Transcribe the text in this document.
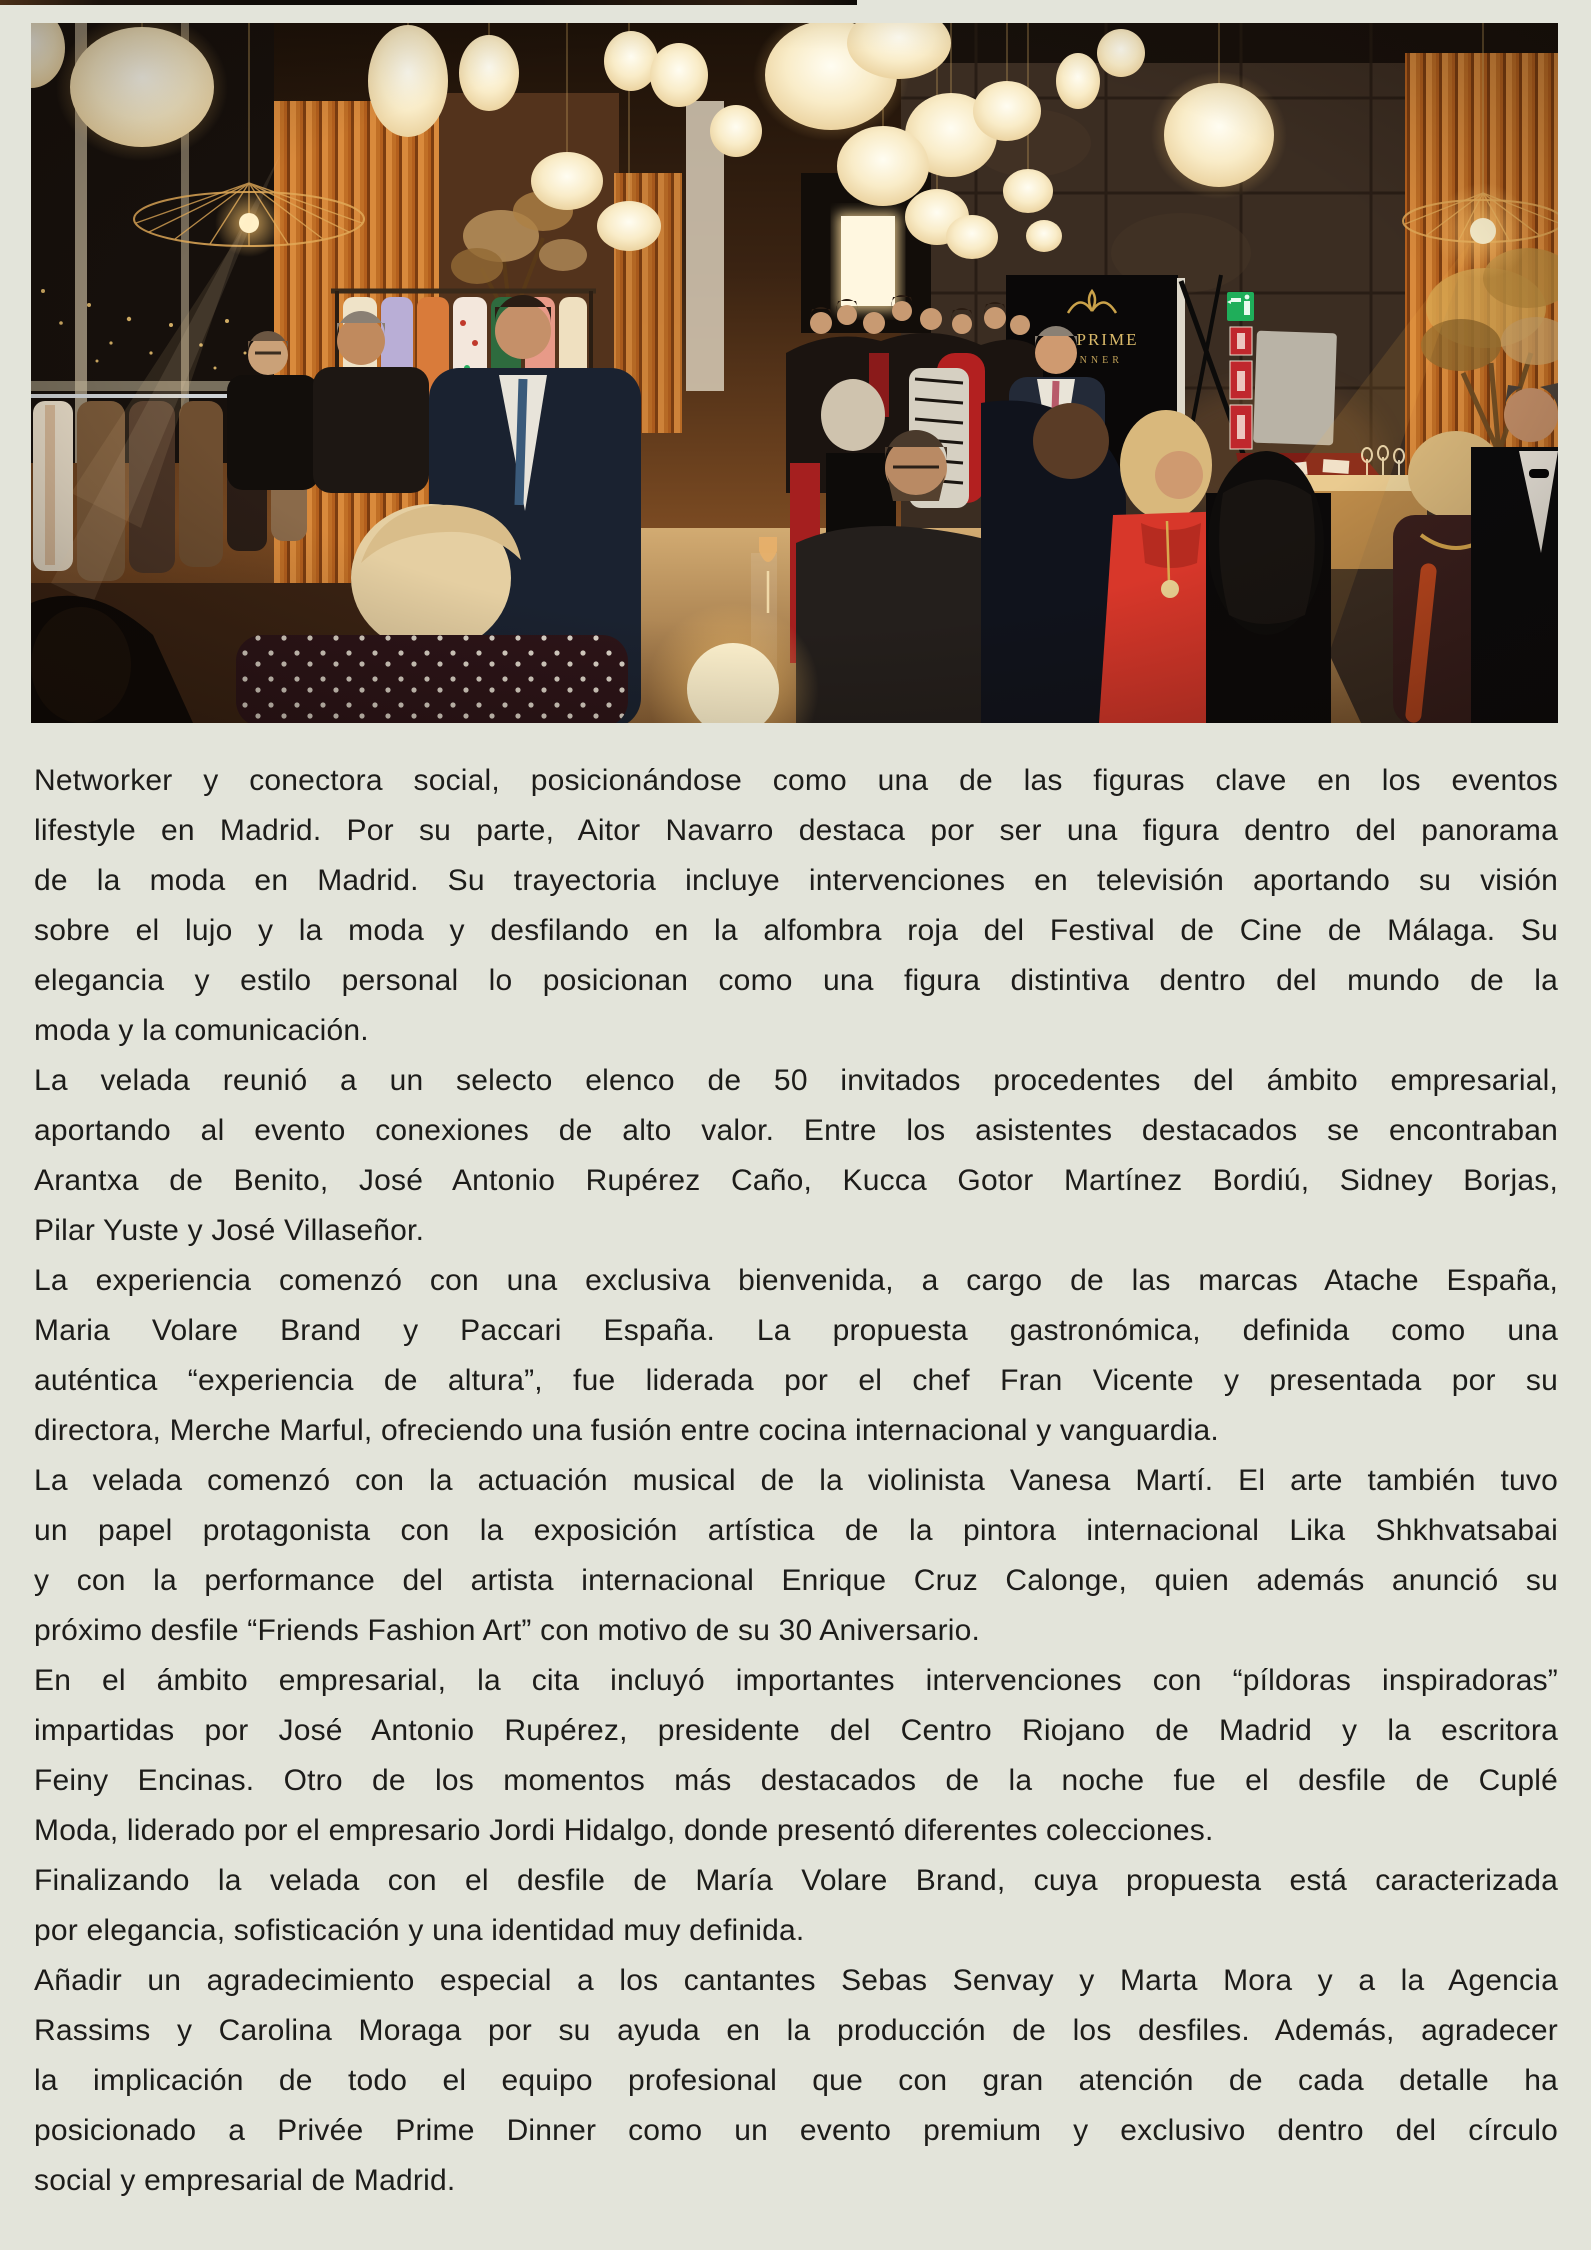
Networker y conectora social, posicionándose como una de las figuras clave en los eventos
lifestyle en Madrid. Por su parte, Aitor Navarro destaca por ser una figura dentro del panorama
de la moda en Madrid. Su trayectoria incluye intervenciones en televisión aportando su visión
sobre el lujo y la moda y desfilando en la alfombra roja del Festival de Cine de Málaga. Su
elegancia y estilo personal lo posicionan como una figura distintiva dentro del mundo de la
moda y la comunicación.
La velada reunió a un selecto elenco de 50 invitados procedentes del ámbito empresarial,
aportando al evento conexiones de alto valor. Entre los asistentes destacados se encontraban
Arantxa de Benito, José Antonio Rupérez Caño, Kucca Gotor Martínez Bordiú, Sidney Borjas,
Pilar Yuste y José Villaseñor.
La experiencia comenzó con una exclusiva bienvenida, a cargo de las marcas Atache España,
Maria Volare Brand y Paccari España. La propuesta gastronómica, definida como una
auténtica “experiencia de altura”, fue liderada por el chef Fran Vicente y presentada por su
directora, Merche Marful, ofreciendo una fusión entre cocina internacional y vanguardia.
La velada comenzó con la actuación musical de la violinista Vanesa Martí. El arte también tuvo
un papel protagonista con la exposición artística de la pintora internacional Lika Shkhvatsabai
y con la performance del artista internacional Enrique Cruz Calonge, quien además anunció su
próximo desfile “Friends Fashion Art” con motivo de su 30 Aniversario.
En el ámbito empresarial, la cita incluyó importantes intervenciones con “píldoras inspiradoras”
impartidas por José Antonio Rupérez, presidente del Centro Riojano de Madrid y la escritora
Feiny Encinas. Otro de los momentos más destacados de la noche fue el desfile de Cuplé
Moda, liderado por el empresario Jordi Hidalgo, donde presentó diferentes colecciones.
Finalizando la velada con el desfile de María Volare Brand, cuya propuesta está caracterizada
por elegancia, sofisticación y una identidad muy definida.
Añadir un agradecimiento especial a los cantantes Sebas Senvay y Marta Mora y a la Agencia
Rassims y Carolina Moraga por su ayuda en la producción de los desfiles. Además, agradecer
la implicación de todo el equipo profesional que con gran atención de cada detalle ha
posicionado a Privée Prime Dinner como un evento premium y exclusivo dentro del círculo
social y empresarial de Madrid.
